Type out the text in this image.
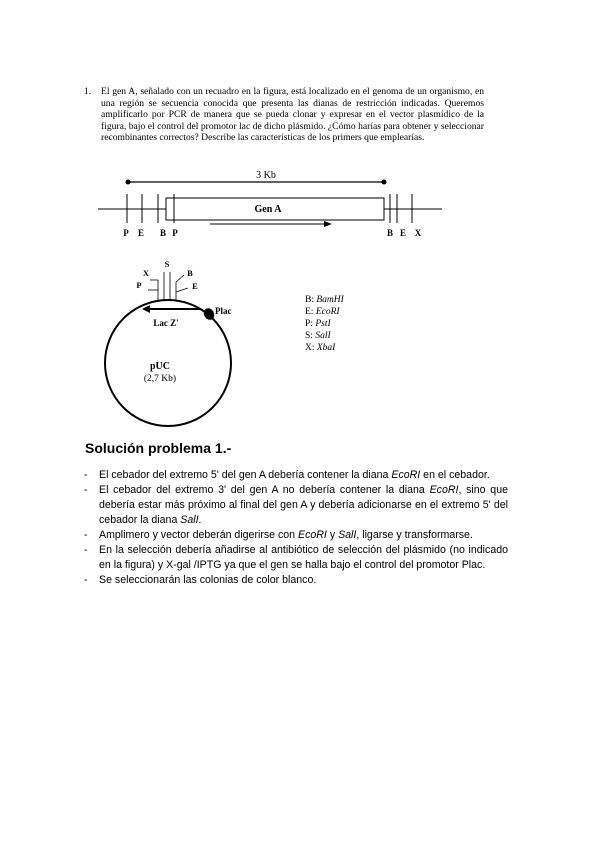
1. El gen A, señalado con un recuadro en la figura, está localizado en el genoma de un organismo, en una región se secuencia conocida que presenta las dianas de restricción indicadas. Queremos amplificarlo por PCR de manera que se pueda clonar y expresar en el vector plasmídico de la figura, bajo el control del promotor lac de dicho plásmido. ¿Cómo harías para obtener y seleccionar recombinantes correctos? Describe las características de los primers que emplearías.
3 Kb
Gen A
P E B P	B E X
Plac
X
P
S
B
E
Lac Z'
pUC
(2,7 Kb)
B: BamHI
E: EcoRI
P: PstI
S: SalI
X: XbaI
Solución problema 1.-
- El cebador del extremo 5' del gen A debería contener la diana EcoRI en el cebador.
- El cebador del extremo 3' del gen A no debería contener la diana EcoRI, sino que debería estar más próximo al final del gen A y debería adicionarse en el extremo 5' del cebador la diana SalI.
- Amplimero y vector deberán digerirse con EcoRI y SalI, ligarse y transformarse.
- En la selección debería añadirse al antibiótico de selección del plásmido (no indicado en la figura) y X-gal /IPTG ya que el gen se halla bajo el control del promotor Plac.
- Se seleccionarán las colonias de color blanco.
